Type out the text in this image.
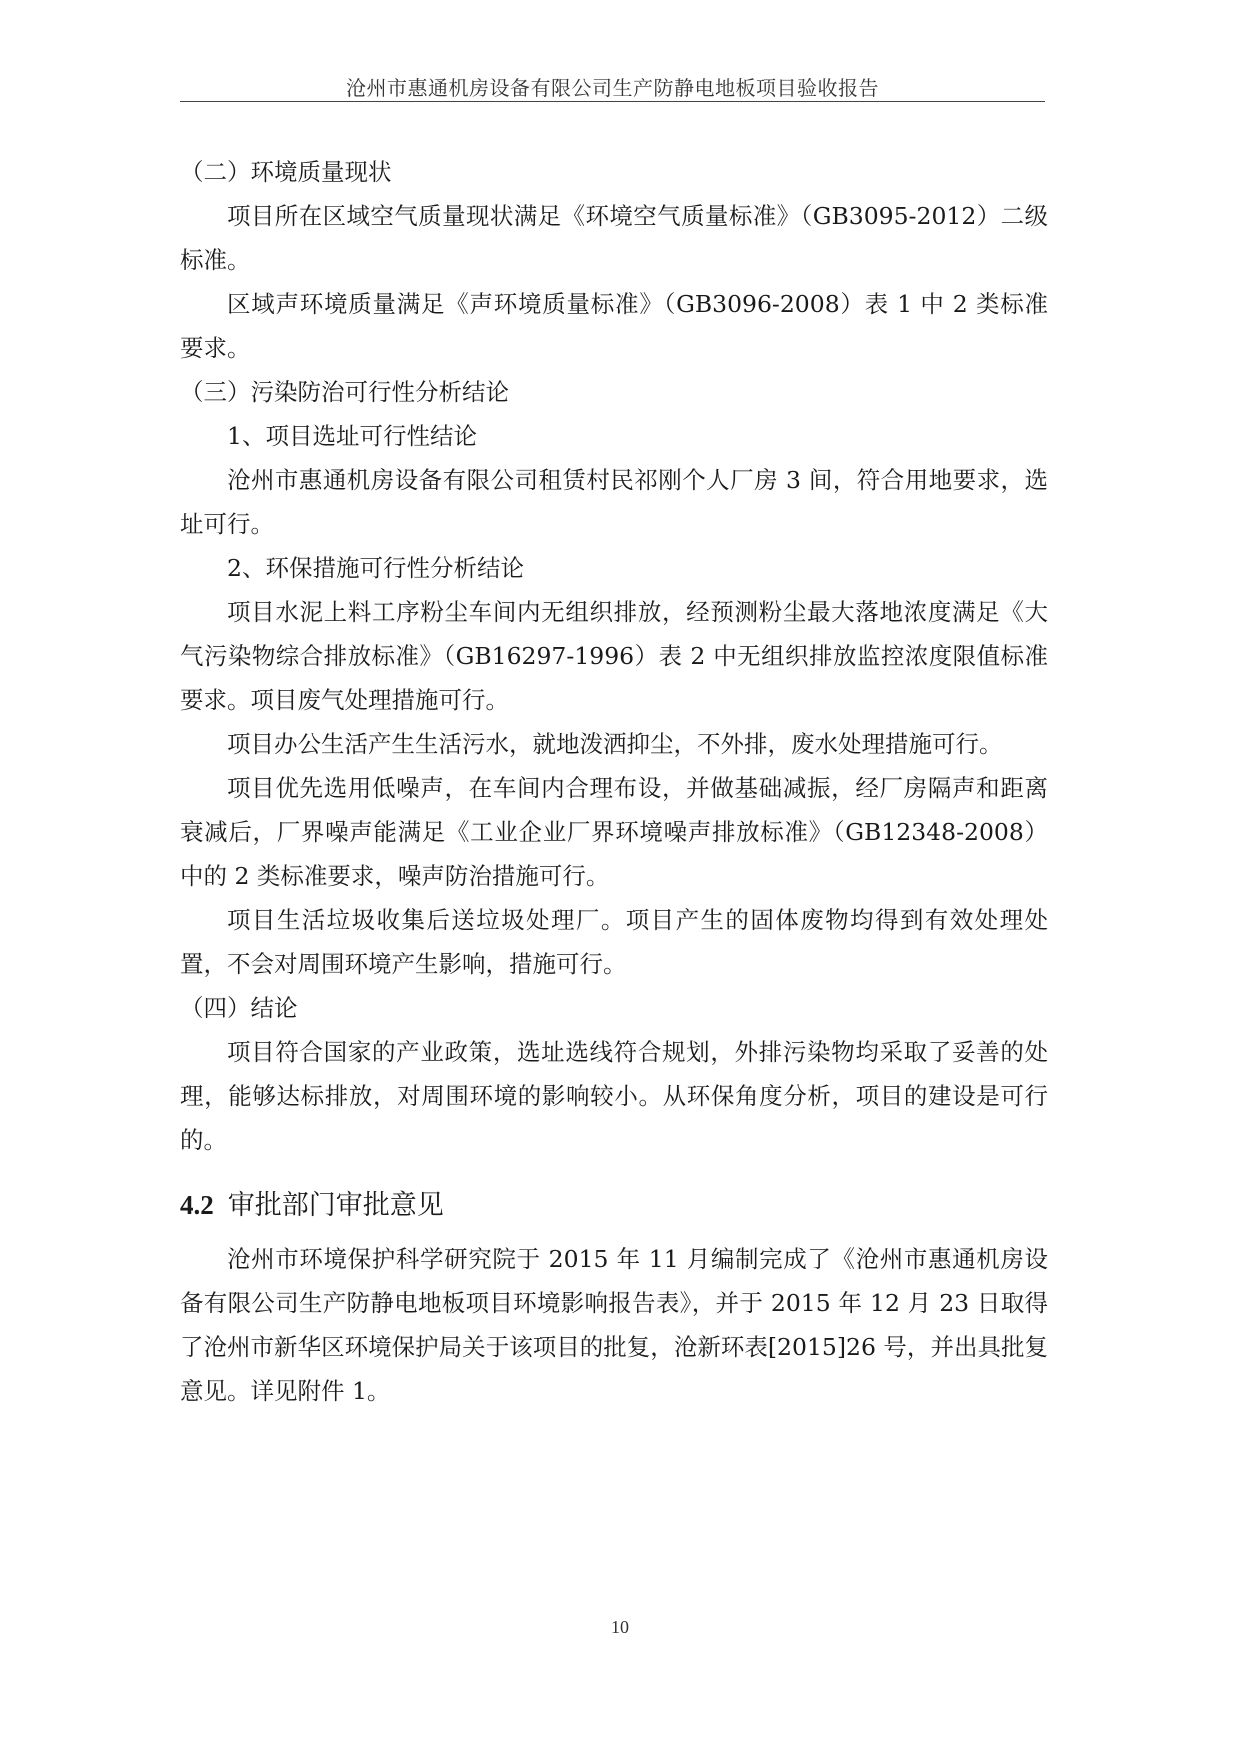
沧州市惠通机房设备有限公司生产防静电地板项目验收报告

（二）环境质量现状

项目所在区域空气质量现状满足《环境空气质量标准》（GB3095-2012）二级标准。

区域声环境质量满足《声环境质量标准》（GB3096-2008）表 1 中 2 类标准要求。

（三）污染防治可行性分析结论

1、项目选址可行性结论

沧州市惠通机房设备有限公司租赁村民祁刚个人厂房 3 间，符合用地要求，选址可行。

2、环保措施可行性分析结论

项目水泥上料工序粉尘车间内无组织排放，经预测粉尘最大落地浓度满足《大气污染物综合排放标准》（GB16297-1996）表 2 中无组织排放监控浓度限值标准要求。项目废气处理措施可行。

项目办公生活产生生活污水，就地泼洒抑尘，不外排，废水处理措施可行。

项目优先选用低噪声，在车间内合理布设，并做基础减振，经厂房隔声和距离衰减后，厂界噪声能满足《工业企业厂界环境噪声排放标准》（GB12348-2008）中的 2 类标准要求，噪声防治措施可行。

项目生活垃圾收集后送垃圾处理厂。项目产生的固体废物均得到有效处理处置，不会对周围环境产生影响，措施可行。

（四）结论

项目符合国家的产业政策，选址选线符合规划，外排污染物均采取了妥善的处理，能够达标排放，对周围环境的影响较小。从环保角度分析，项目的建设是可行的。

4.2 审批部门审批意见

沧州市环境保护科学研究院于 2015 年 11 月编制完成了《沧州市惠通机房设备有限公司生产防静电地板项目环境影响报告表》，并于 2015 年 12 月 23 日取得了沧州市新华区环境保护局关于该项目的批复，沧新环表[2015]26 号，并出具批复意见。详见附件 1。

10
